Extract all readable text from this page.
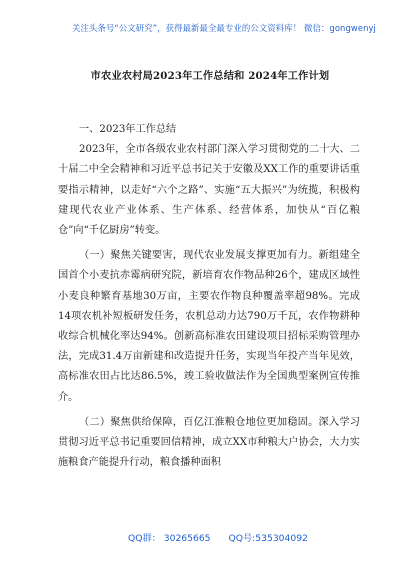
关注头条号“公文研究”，获得最新最全最专业的公文资料库！ 微信：gongwenyj
市农业农村局2023年工作总结和 2024年工作计划

一、2023年工作总结

2023年，全市各级农业农村部门深入学习贯彻党的二十大、二十届二中全会精神和习近平总书记关于安徽及XX工作的重要讲话重要指示精神，以走好“六个之路”、实施“五大振兴”为统揽，积极构建现代农业产业体系、生产体系、经营体系，加快从“百亿粮仓”向“千亿厨房”转变。

（一）聚焦关键要害，现代农业发展支撑更加有力。新组建全国首个小麦抗赤霉病研究院，新培育农作物品种26个，建成区域性小麦良种繁育基地30万亩，主要农作物良种覆盖率超98%。完成14项农机补短板研发任务，农机总动力达790万千瓦，农作物耕种收综合机械化率达94%。创新高标准农田建设项目招标采购管理办法，完成31.4万亩新建和改造提升任务，实现当年投产当年见效，高标准农田占比达86.5%，竣工验收做法作为全国典型案例宣传推介。

（二）聚焦供给保障，百亿江淮粮仓地位更加稳固。深入学习贯彻习近平总书记重要回信精神，成立XX市种粮大户协会，大力实施粮食产能提升行动，粮食播种面积

QQ群： 30265665 QQ号:535304092
